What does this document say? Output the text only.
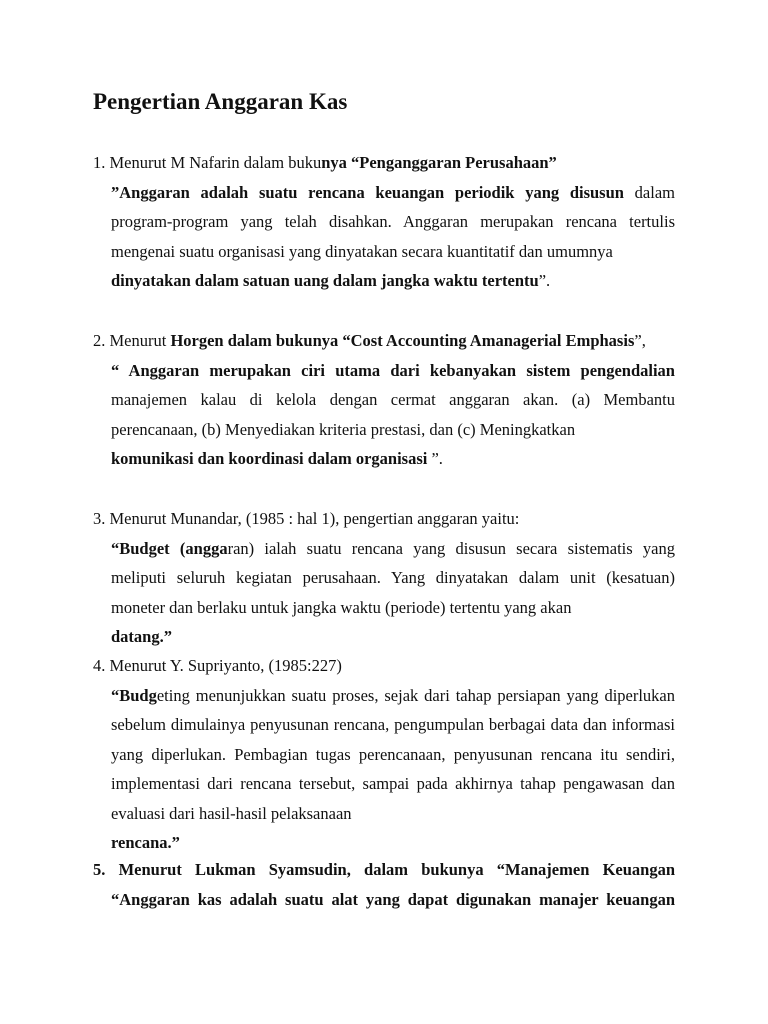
Pengertian Anggaran Kas
1. Menurut M Nafarin dalam bukunya “Penganggaran Perusahaan”
”Anggaran adalah suatu rencana keuangan periodik yang disusun dalam program-program yang telah disahkan. Anggaran merupakan rencana tertulis mengenai suatu organisasi yang dinyatakan secara kuantitatif dan umumnya
dinyatakan dalam satuan uang dalam jangka waktu tertentu”.
2. Menurut Horgen dalam bukunya “Cost Accounting Amanagerial Emphasis”,
“ Anggaran merupakan ciri utama dari kebanyakan sistem pengendalian manajemen kalau di kelola dengan cermat anggaran akan. (a) Membantu perencanaan, (b) Menyediakan kriteria prestasi, dan (c) Meningkatkan
komunikasi dan koordinasi dalam organisasi ”.
3. Menurut Munandar, (1985 : hal 1), pengertian anggaran yaitu:
“Budget (anggaran) ialah suatu rencana yang disusun secara sistematis yang meliputi seluruh kegiatan perusahaan. Yang dinyatakan dalam unit (kesatuan) moneter dan berlaku untuk jangka waktu (periode) tertentu yang akan
datang.”
4. Menurut Y. Supriyanto, (1985:227)
“Budgeting menunjukkan suatu proses, sejak dari tahap persiapan yang diperlukan sebelum dimulainya penyusunan rencana, pengumpulan berbagai data dan informasi yang diperlukan. Pembagian tugas perencanaan, penyusunan rencana itu sendiri, implementasi dari rencana tersebut, sampai pada akhirnya tahap pengawasan dan evaluasi dari hasil-hasil pelaksanaan
rencana.”
5. Menurut Lukman Syamsudin, dalam bukunya “Manajemen Keuangan
“Anggaran kas adalah suatu alat yang dapat digunakan manajer keuangan
